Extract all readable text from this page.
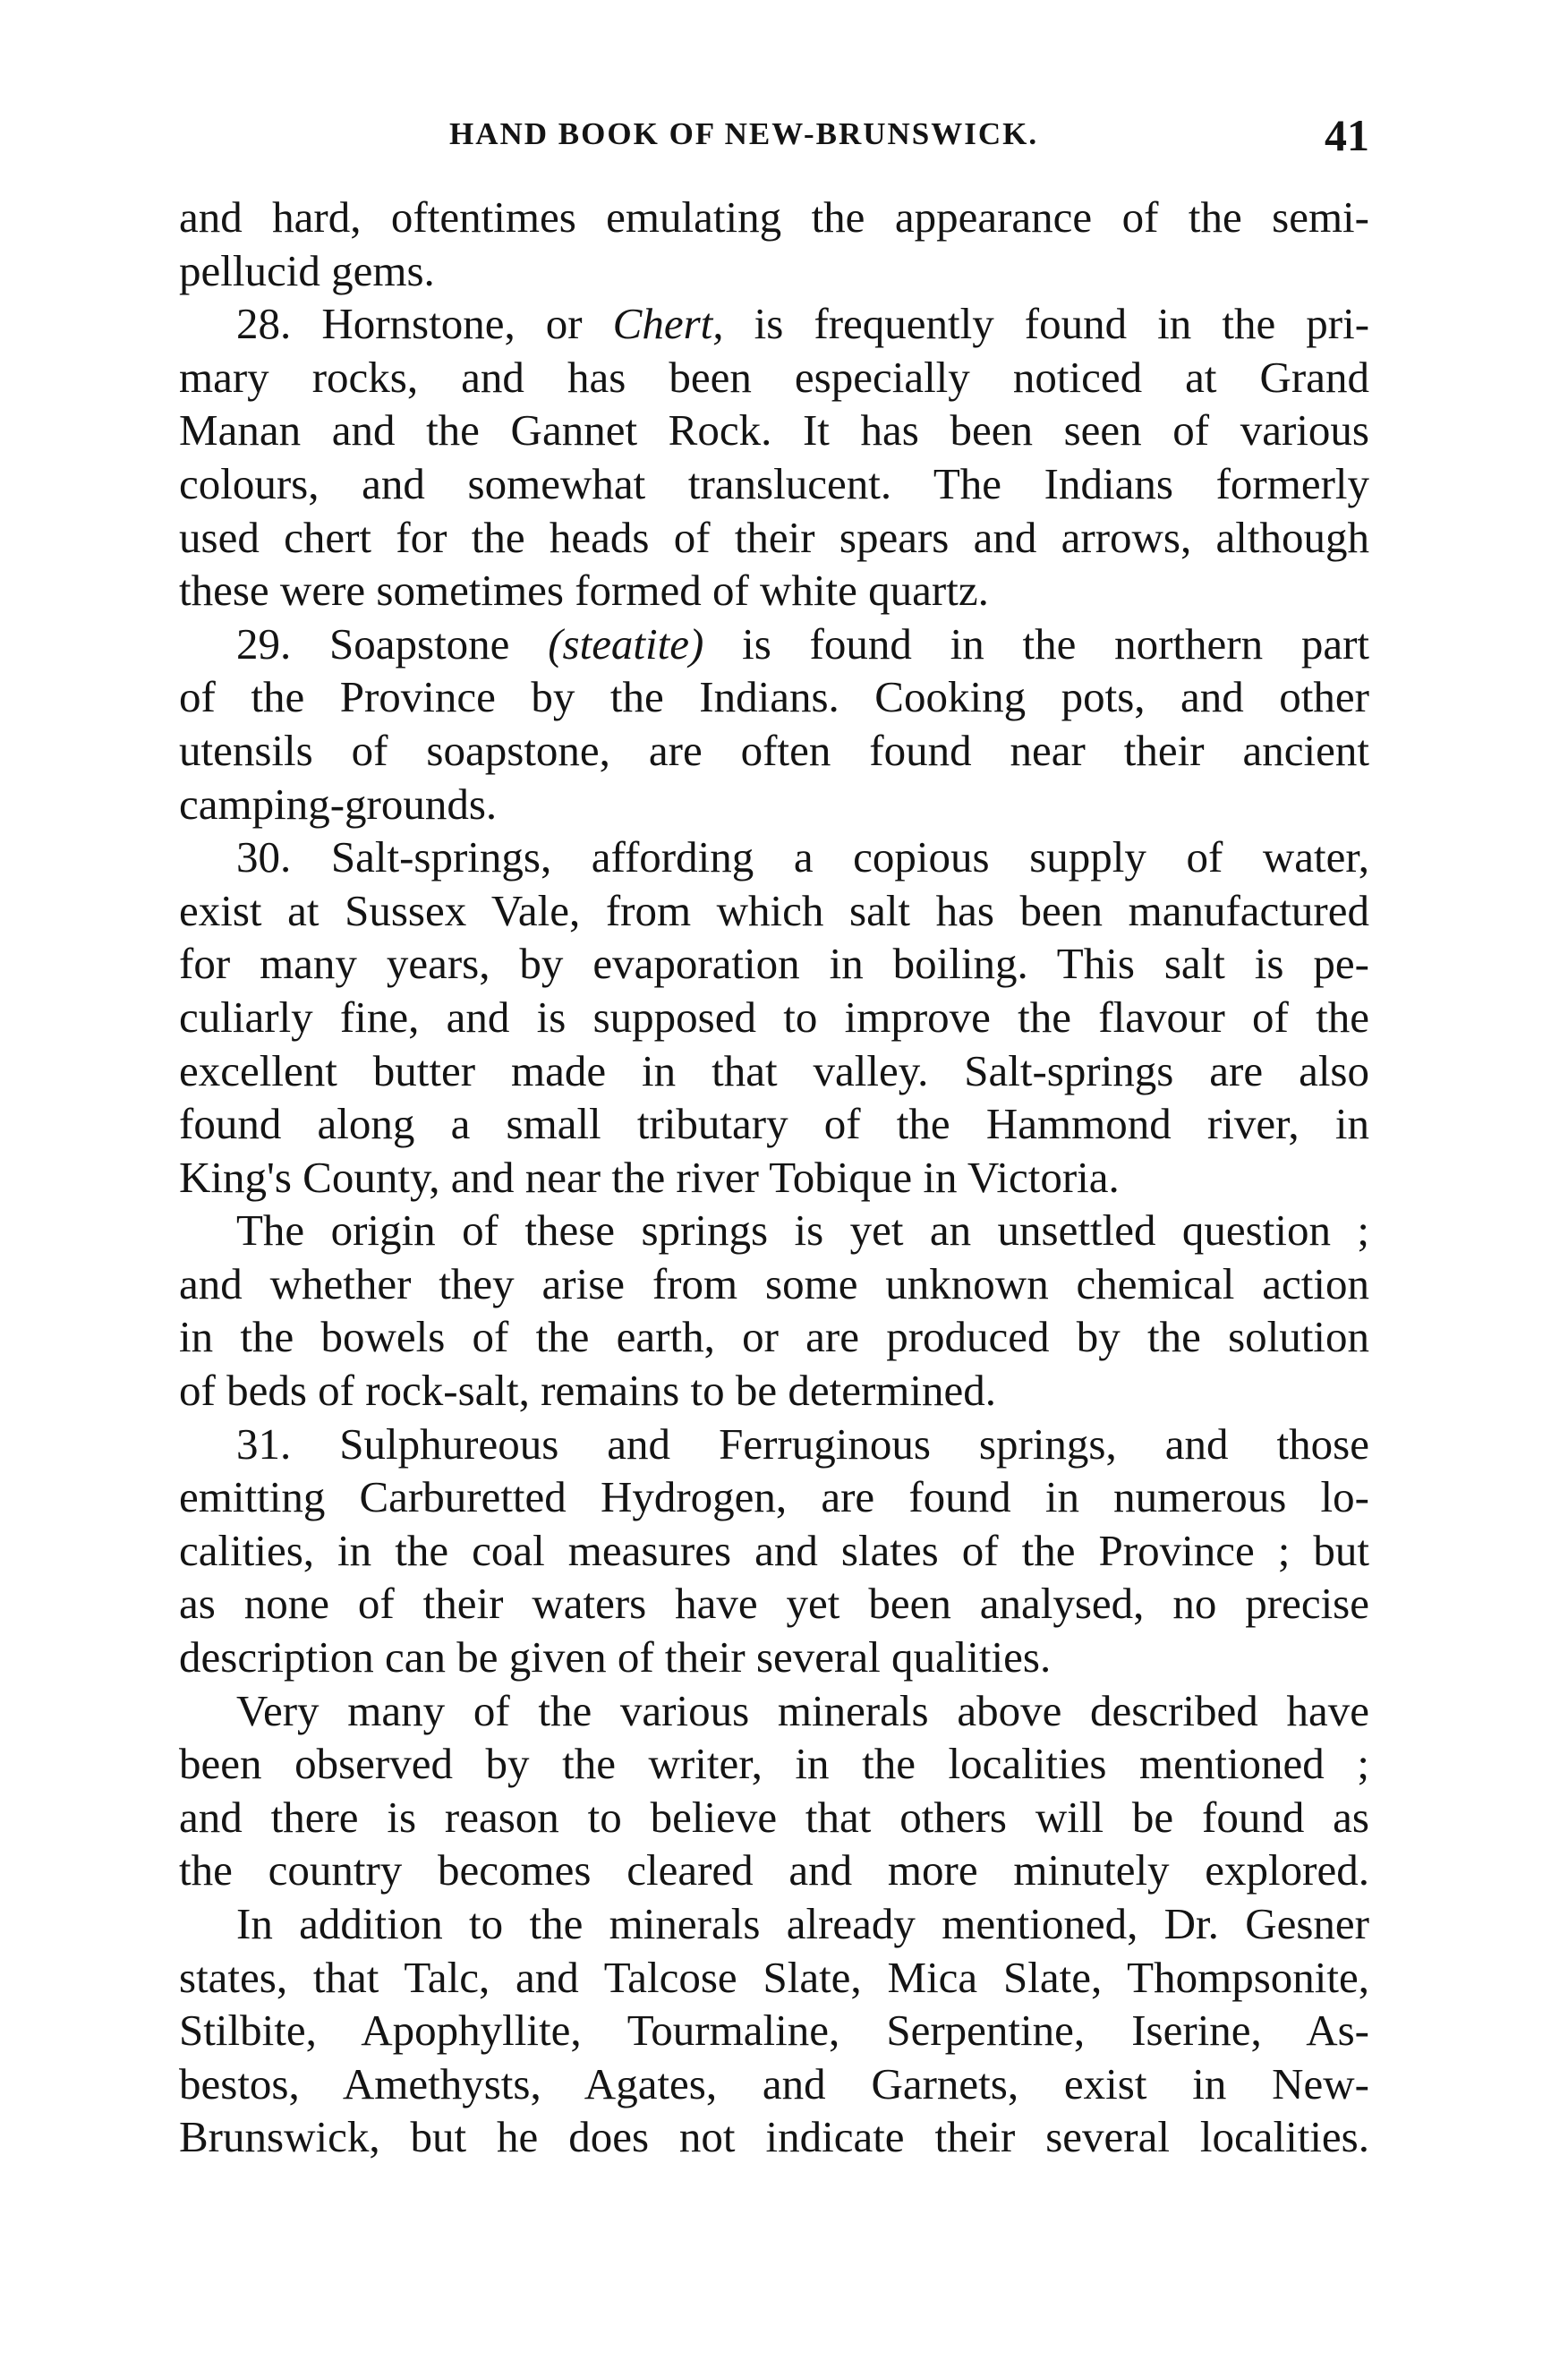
HAND BOOK OF NEW-BRUNSWICK.	41
and hard, oftentimes emulating the appearance of the semi-
pellucid gems.
28. Hornstone, or Chert, is frequently found in the pri-
mary rocks, and has been especially noticed at Grand
Manan and the Gannet Rock. It has been seen of various
colours, and somewhat translucent. The Indians formerly
used chert for the heads of their spears and arrows, although
these were sometimes formed of white quartz.
29. Soapstone (steatite) is found in the northern part
of the Province by the Indians. Cooking pots, and other
utensils of soapstone, are often found near their ancient
camping-grounds.
30. Salt-springs, affording a copious supply of water,
exist at Sussex Vale, from which salt has been manufactured
for many years, by evaporation in boiling. This salt is pe-
culiarly fine, and is supposed to improve the flavour of the
excellent butter made in that valley. Salt-springs are also
found along a small tributary of the Hammond river, in
King's County, and near the river Tobique in Victoria.
The origin of these springs is yet an unsettled question ;
and whether they arise from some unknown chemical action
in the bowels of the earth, or are produced by the solution
of beds of rock-salt, remains to be determined.
31. Sulphureous and Ferruginous springs, and those
emitting Carburetted Hydrogen, are found in numerous lo-
calities, in the coal measures and slates of the Province ; but
as none of their waters have yet been analysed, no precise
description can be given of their several qualities.
Very many of the various minerals above described have
been observed by the writer, in the localities mentioned ;
and there is reason to believe that others will be found as
the country becomes cleared and more minutely explored.
In addition to the minerals already mentioned, Dr. Gesner
states, that Talc, and Talcose Slate, Mica Slate, Thompsonite,
Stilbite, Apophyllite, Tourmaline, Serpentine, Iserine, As-
bestos, Amethysts, Agates, and Garnets, exist in New-
Brunswick, but he does not indicate their several localities.
